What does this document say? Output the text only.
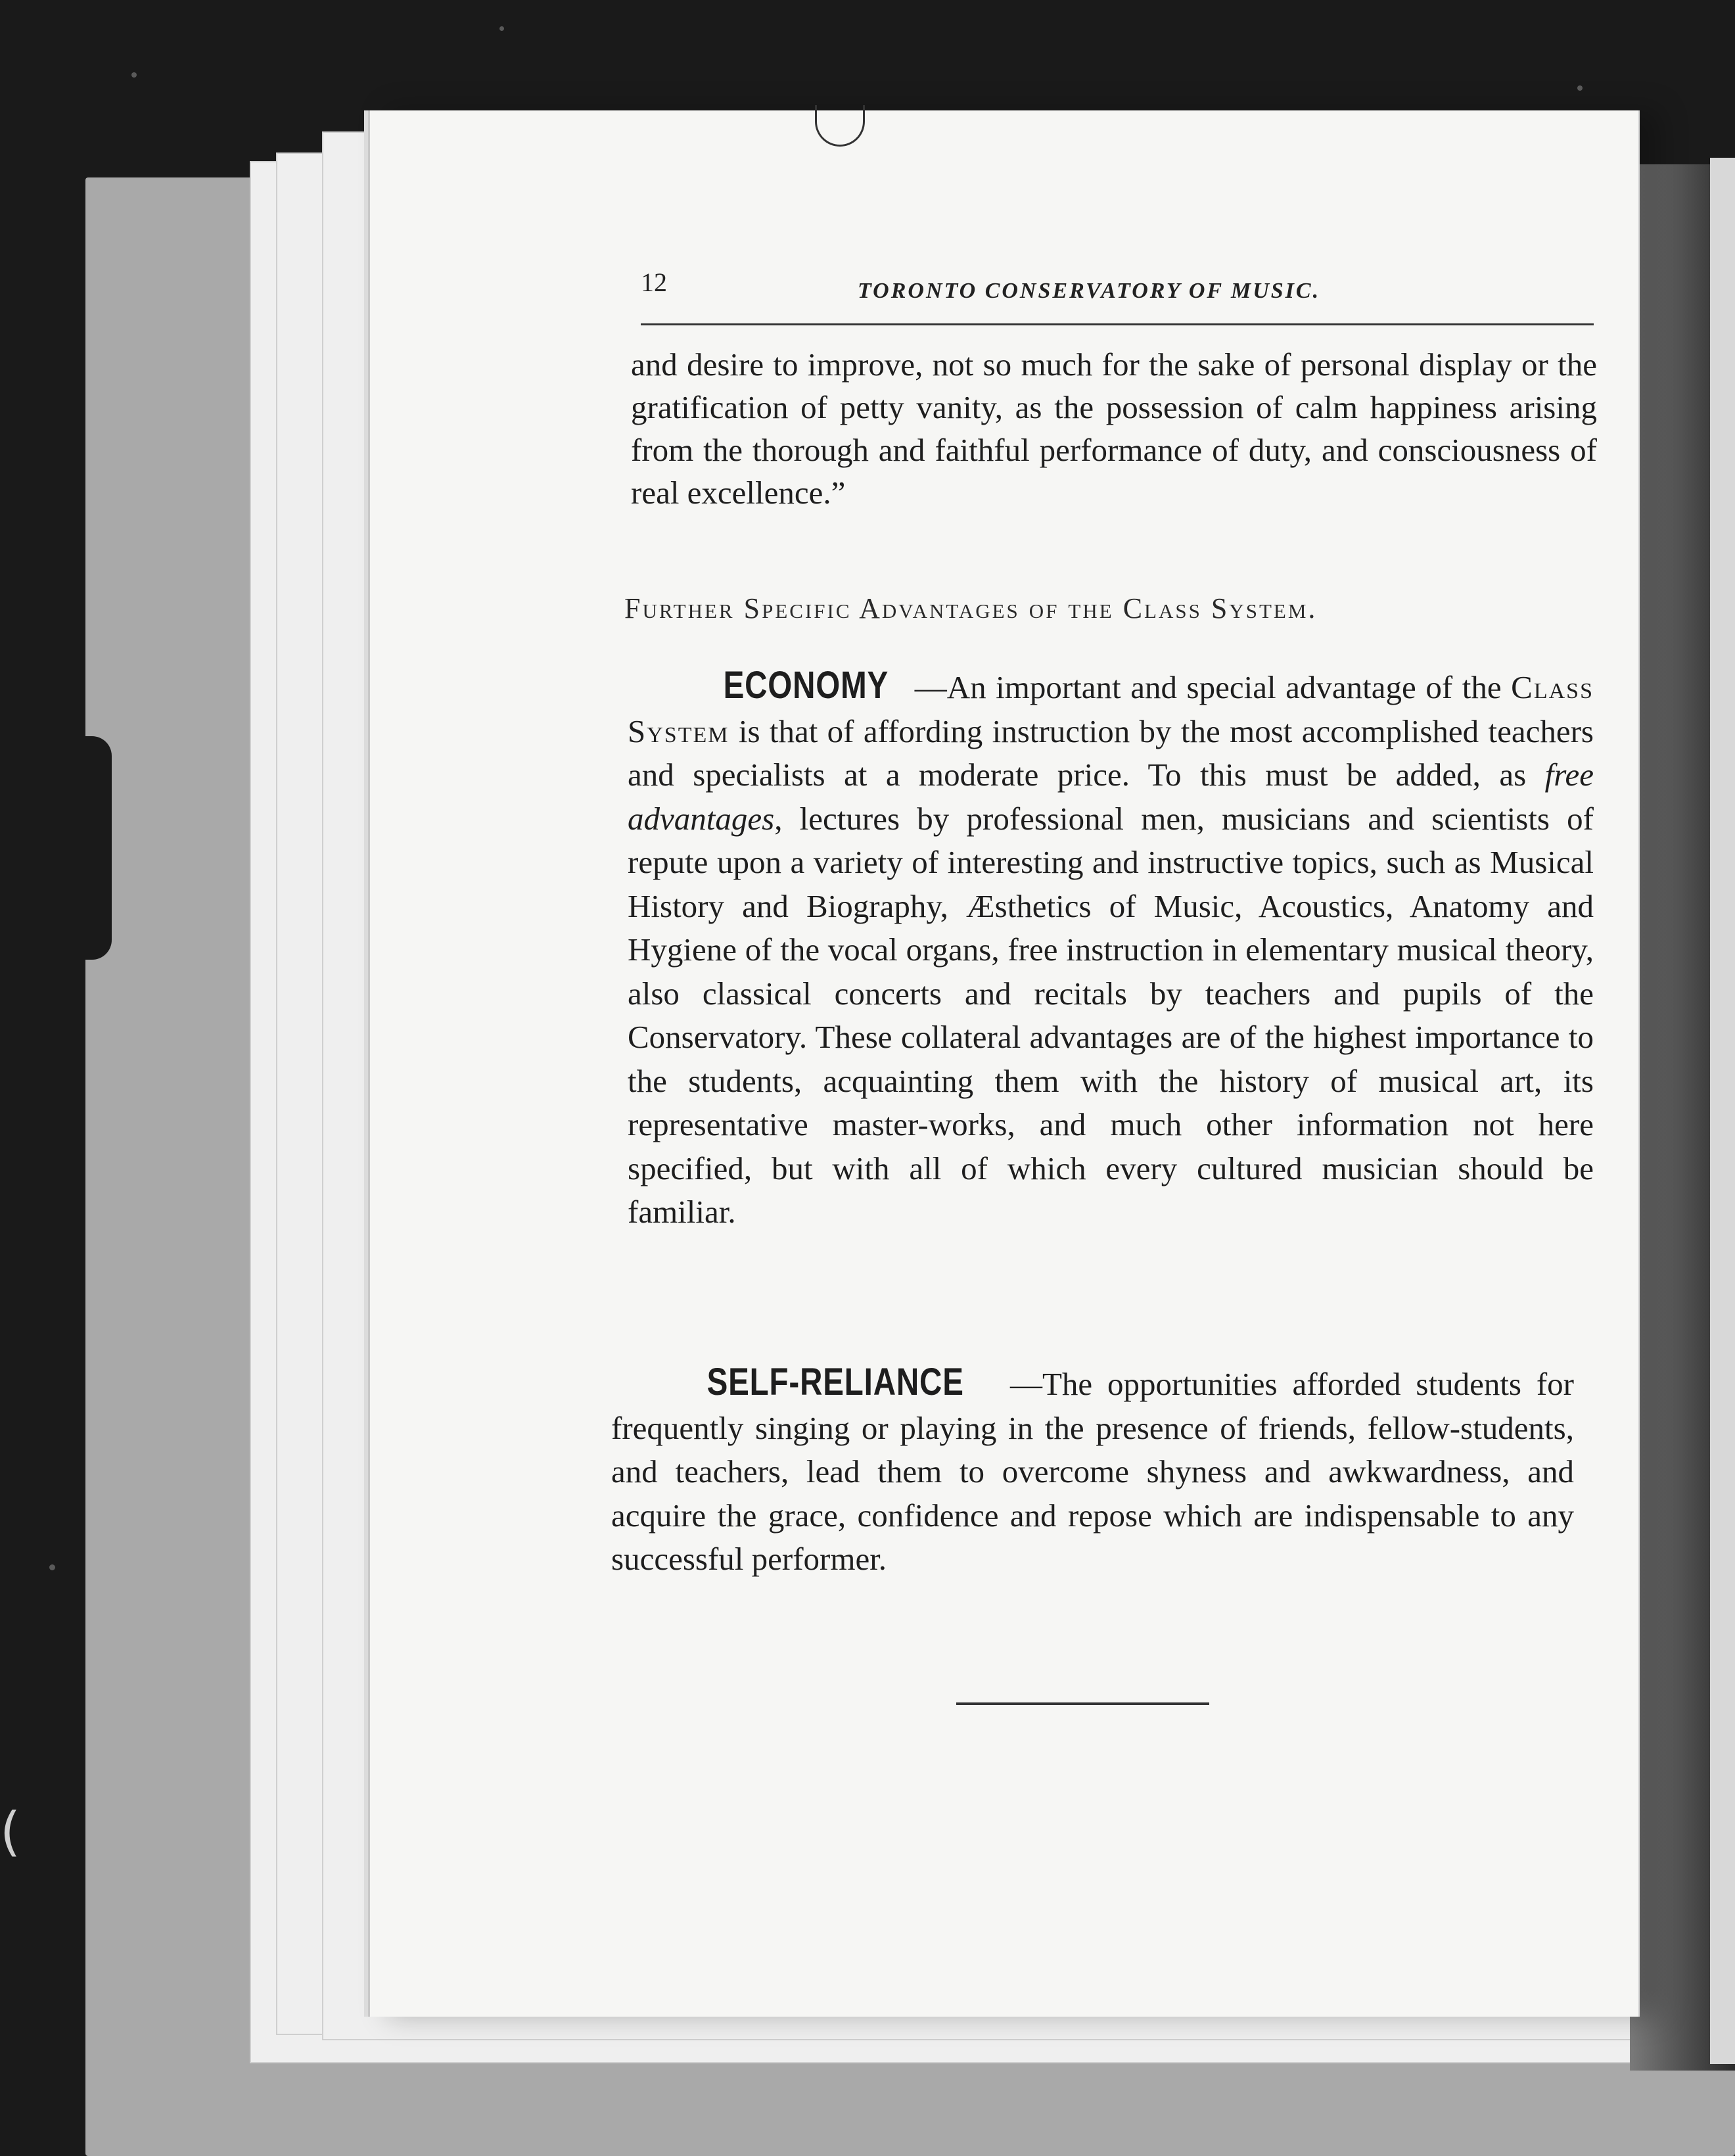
(
12	TORONTO CONSERVATORY OF MUSIC.
and desire to improve, not so much for the sake of personal display or the gratification of petty vanity, as the possession of calm happiness arising from the thorough and faithful performance of duty, and consciousness of real excellence.”
Further Specific Advantages of the Class System.
ECONOMY —An important and special advantage of the Class System is that of affording instruction by the most accomplished teachers and specialists at a moderate price. To this must be added, as free advantages, lectures by professional men, musicians and scientists of repute upon a variety of interesting and instructive topics, such as Musical History and Biography, Æsthetics of Music, Acoustics, Anatomy and Hygiene of the vocal organs, free instruction in elementary musical theory, also classical concerts and recitals by teachers and pupils of the Conservatory. These collateral advantages are of the highest importance to the students, acquainting them with the history of musical art, its representative master-works, and much other information not here specified, but with all of which every cultured musician should be familiar.
SELF-RELIANCE —The opportunities afforded students for frequently singing or playing in the presence of friends, fellow-students, and teachers, lead them to overcome shyness and awkwardness, and acquire the grace, confidence and repose which are indispensable to any successful performer.
